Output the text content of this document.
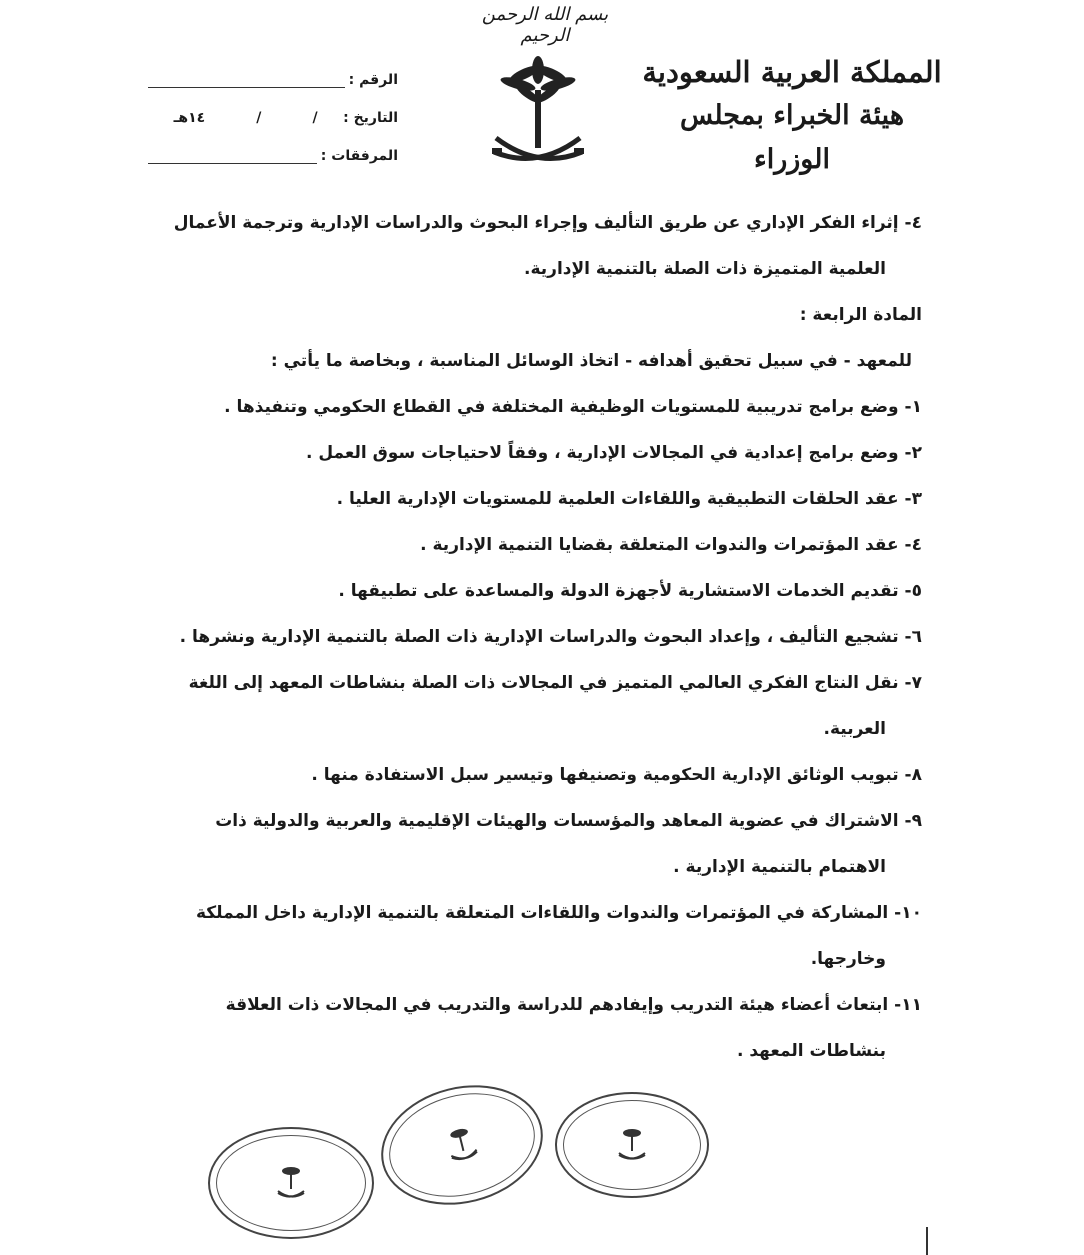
بسم الله الرحمن الرحيم
المملكة العربية السعودية
هيئة الخبراء بمجلس الوزراء
الرقم :
التاريخ :
/
/
١٤هـ
المرفقات :

٤- إثراء الفكر الإداري عن طريق التأليف وإجراء البحوث والدراسات الإدارية وترجمة الأعمال

العلمية المتميزة ذات الصلة بالتنمية الإدارية.

المادة الرابعة :

للمعهد - في سبيل تحقيق أهدافه - اتخاذ الوسائل المناسبة ، وبخاصة ما يأتي :

١- وضع برامج تدريبية للمستويات الوظيفية المختلفة في القطاع الحكومي وتنفيذها .

٢- وضع برامج إعدادية في المجالات الإدارية ، وفقاً لاحتياجات سوق العمل .

٣- عقد الحلقات التطبيقية واللقاءات العلمية للمستويات الإدارية العليا .

٤- عقد المؤتمرات والندوات المتعلقة بقضايا التنمية الإدارية .

٥- تقديم الخدمات الاستشارية لأجهزة الدولة والمساعدة على تطبيقها .

٦- تشجيع التأليف ، وإعداد البحوث والدراسات الإدارية ذات الصلة بالتنمية الإدارية ونشرها .

٧- نقل النتاج الفكري العالمي المتميز في المجالات ذات الصلة بنشاطات المعهد إلى اللغة

العربية.

٨- تبويب الوثائق الإدارية الحكومية وتصنيفها وتيسير سبل الاستفادة منها .

٩- الاشتراك في عضوية المعاهد والمؤسسات والهيئات الإقليمية والعربية والدولية ذات

الاهتمام بالتنمية الإدارية .

١٠- المشاركة في المؤتمرات والندوات واللقاءات المتعلقة بالتنمية الإدارية داخل المملكة

وخارجها.

١١- ابتعاث أعضاء هيئة التدريب وإيفادهم للدراسة والتدريب في المجالات ذات العلاقة

بنشاطات المعهد .
